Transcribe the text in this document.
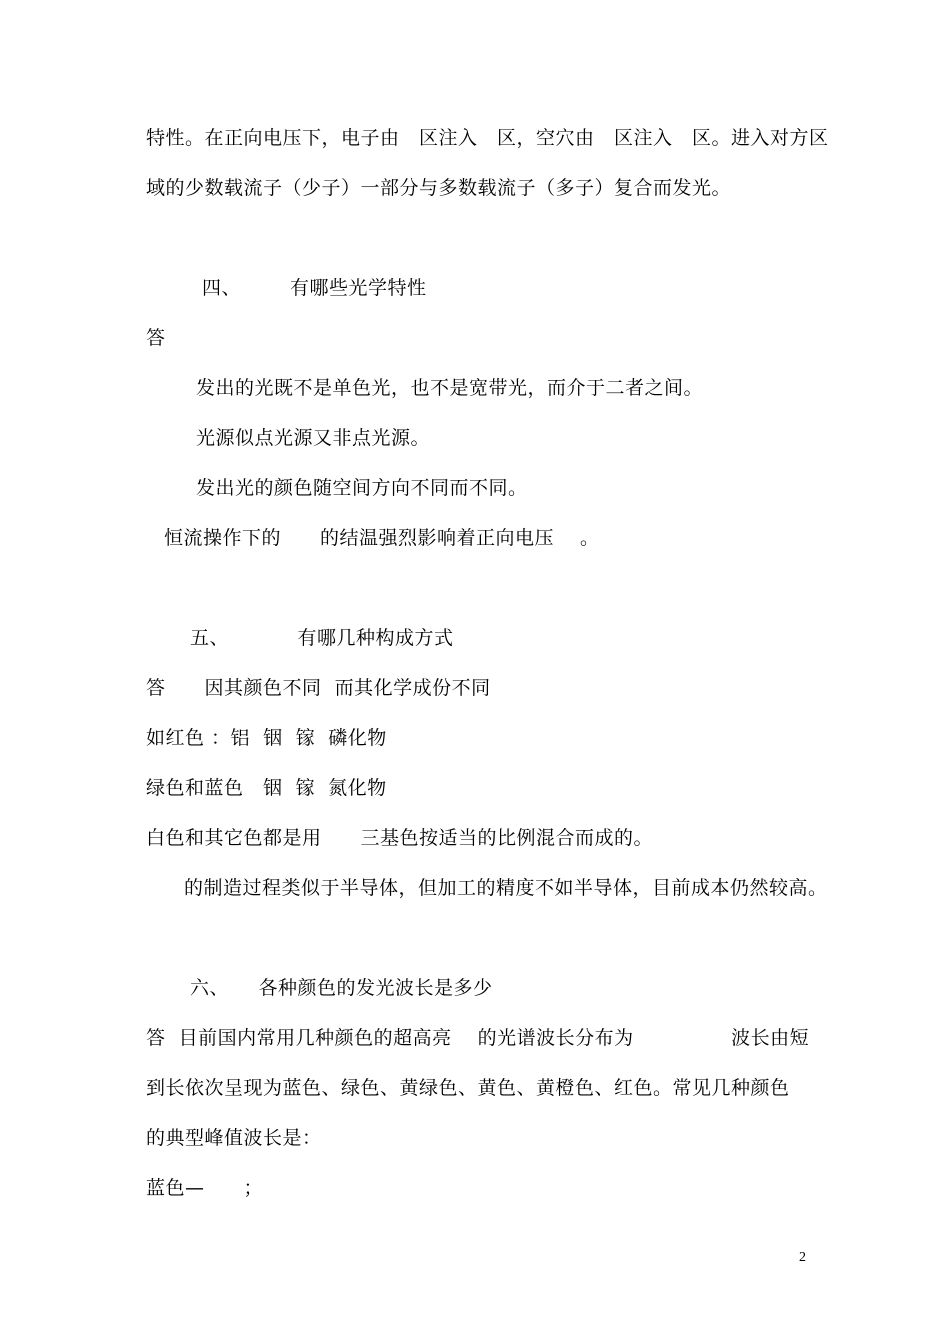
特性。在正向电压下，电子由　区注入　区，空穴由　区注入　区。进入对方区
域的少数载流子（少子）一部分与多数载流子（多子）复合而发光。
四、　　　有哪些光学特性
答
发出的光既不是单色光，也不是宽带光，而介于二者之间。
光源似点光源又非点光源。
发出光的颜色随空间方向不同而不同。
恒流操作下的　　的结温强烈影响着正向电压　 。
五、　　　　有哪几种构成方式
答　　因其颜色不同  而其化学成份不同
如红色 ：铝  铟  镓  磷化物
绿色和蓝色　铟  镓  氮化物
白色和其它色都是用　　三基色按适当的比例混合而成的。
的制造过程类似于半导体，但加工的精度不如半导体，目前成本仍然较高。
六、　　各种颜色的发光波长是多少
答  目前国内常用几种颜色的超高亮　 的光谱波长分布为　　　　　波长由短
到长依次呈现为蓝色、绿色、黄绿色、黄色、黄橙色、红色。常见几种颜色
的典型峰值波长是：
蓝色—　　；
2
